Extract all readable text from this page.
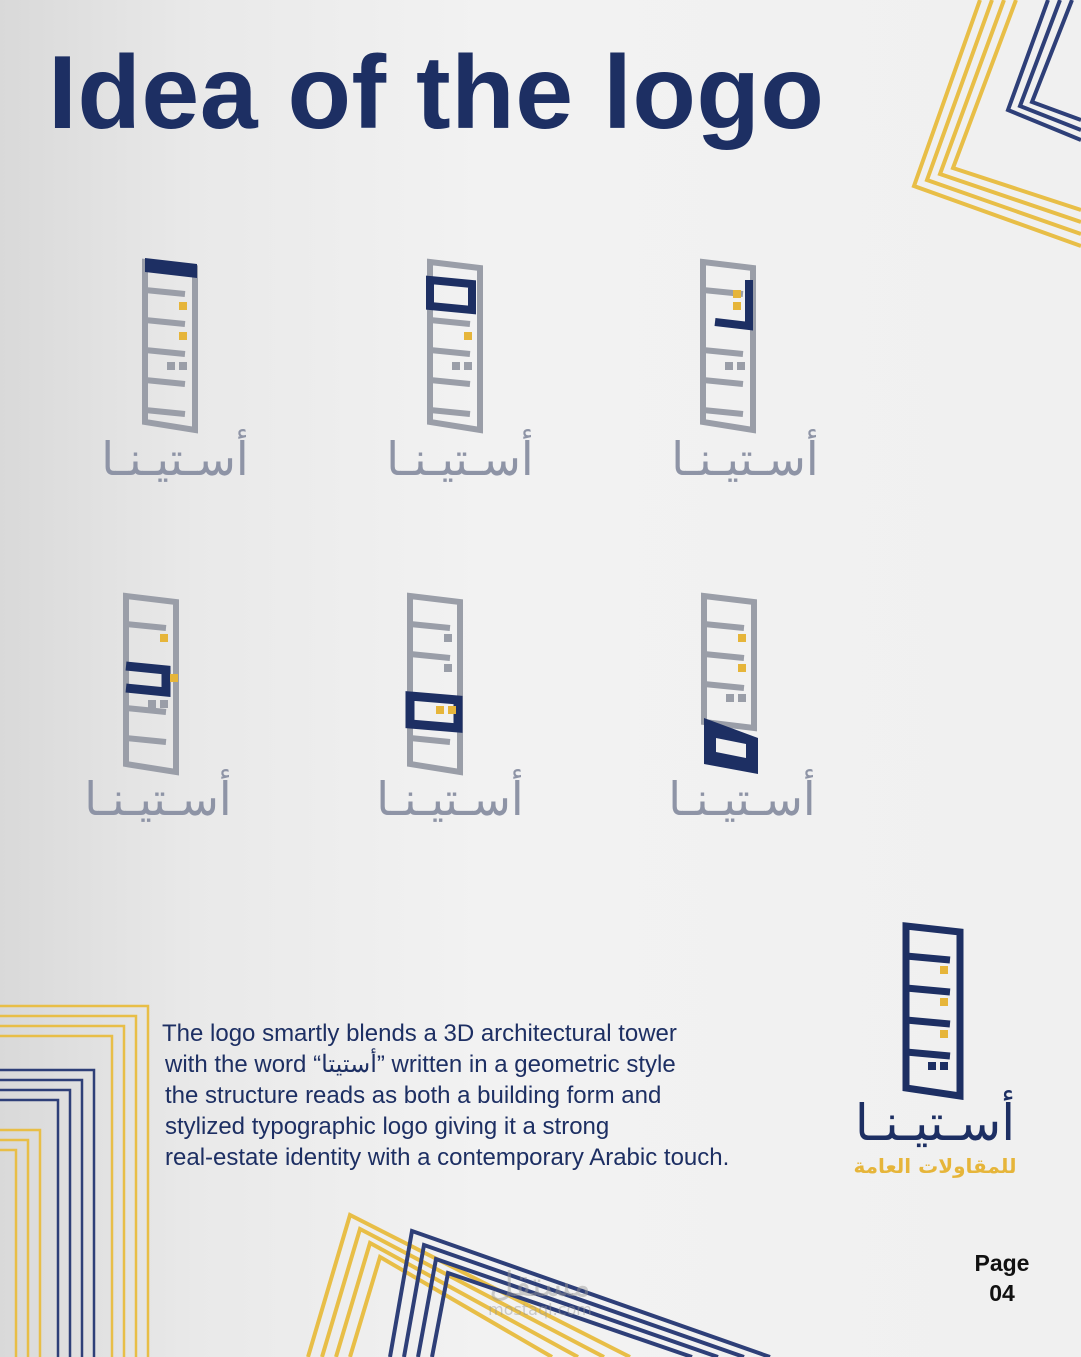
Idea of the logo
أسـتيـنـا	أسـتيـنـا	أسـتيـنـا
أسـتيـنـا	أسـتيـنـا	أسـتيـنـا
The logo smartly blends a 3D architectural tower
with the word “أستيتا” written in a geometric style
the structure reads as both a building form and
stylized typographic logo giving it a strong
real-estate identity with a contemporary Arabic touch.
أسـتيـنـا
للمقاولات العامة
مستقل
mostaql.com
Page
04
